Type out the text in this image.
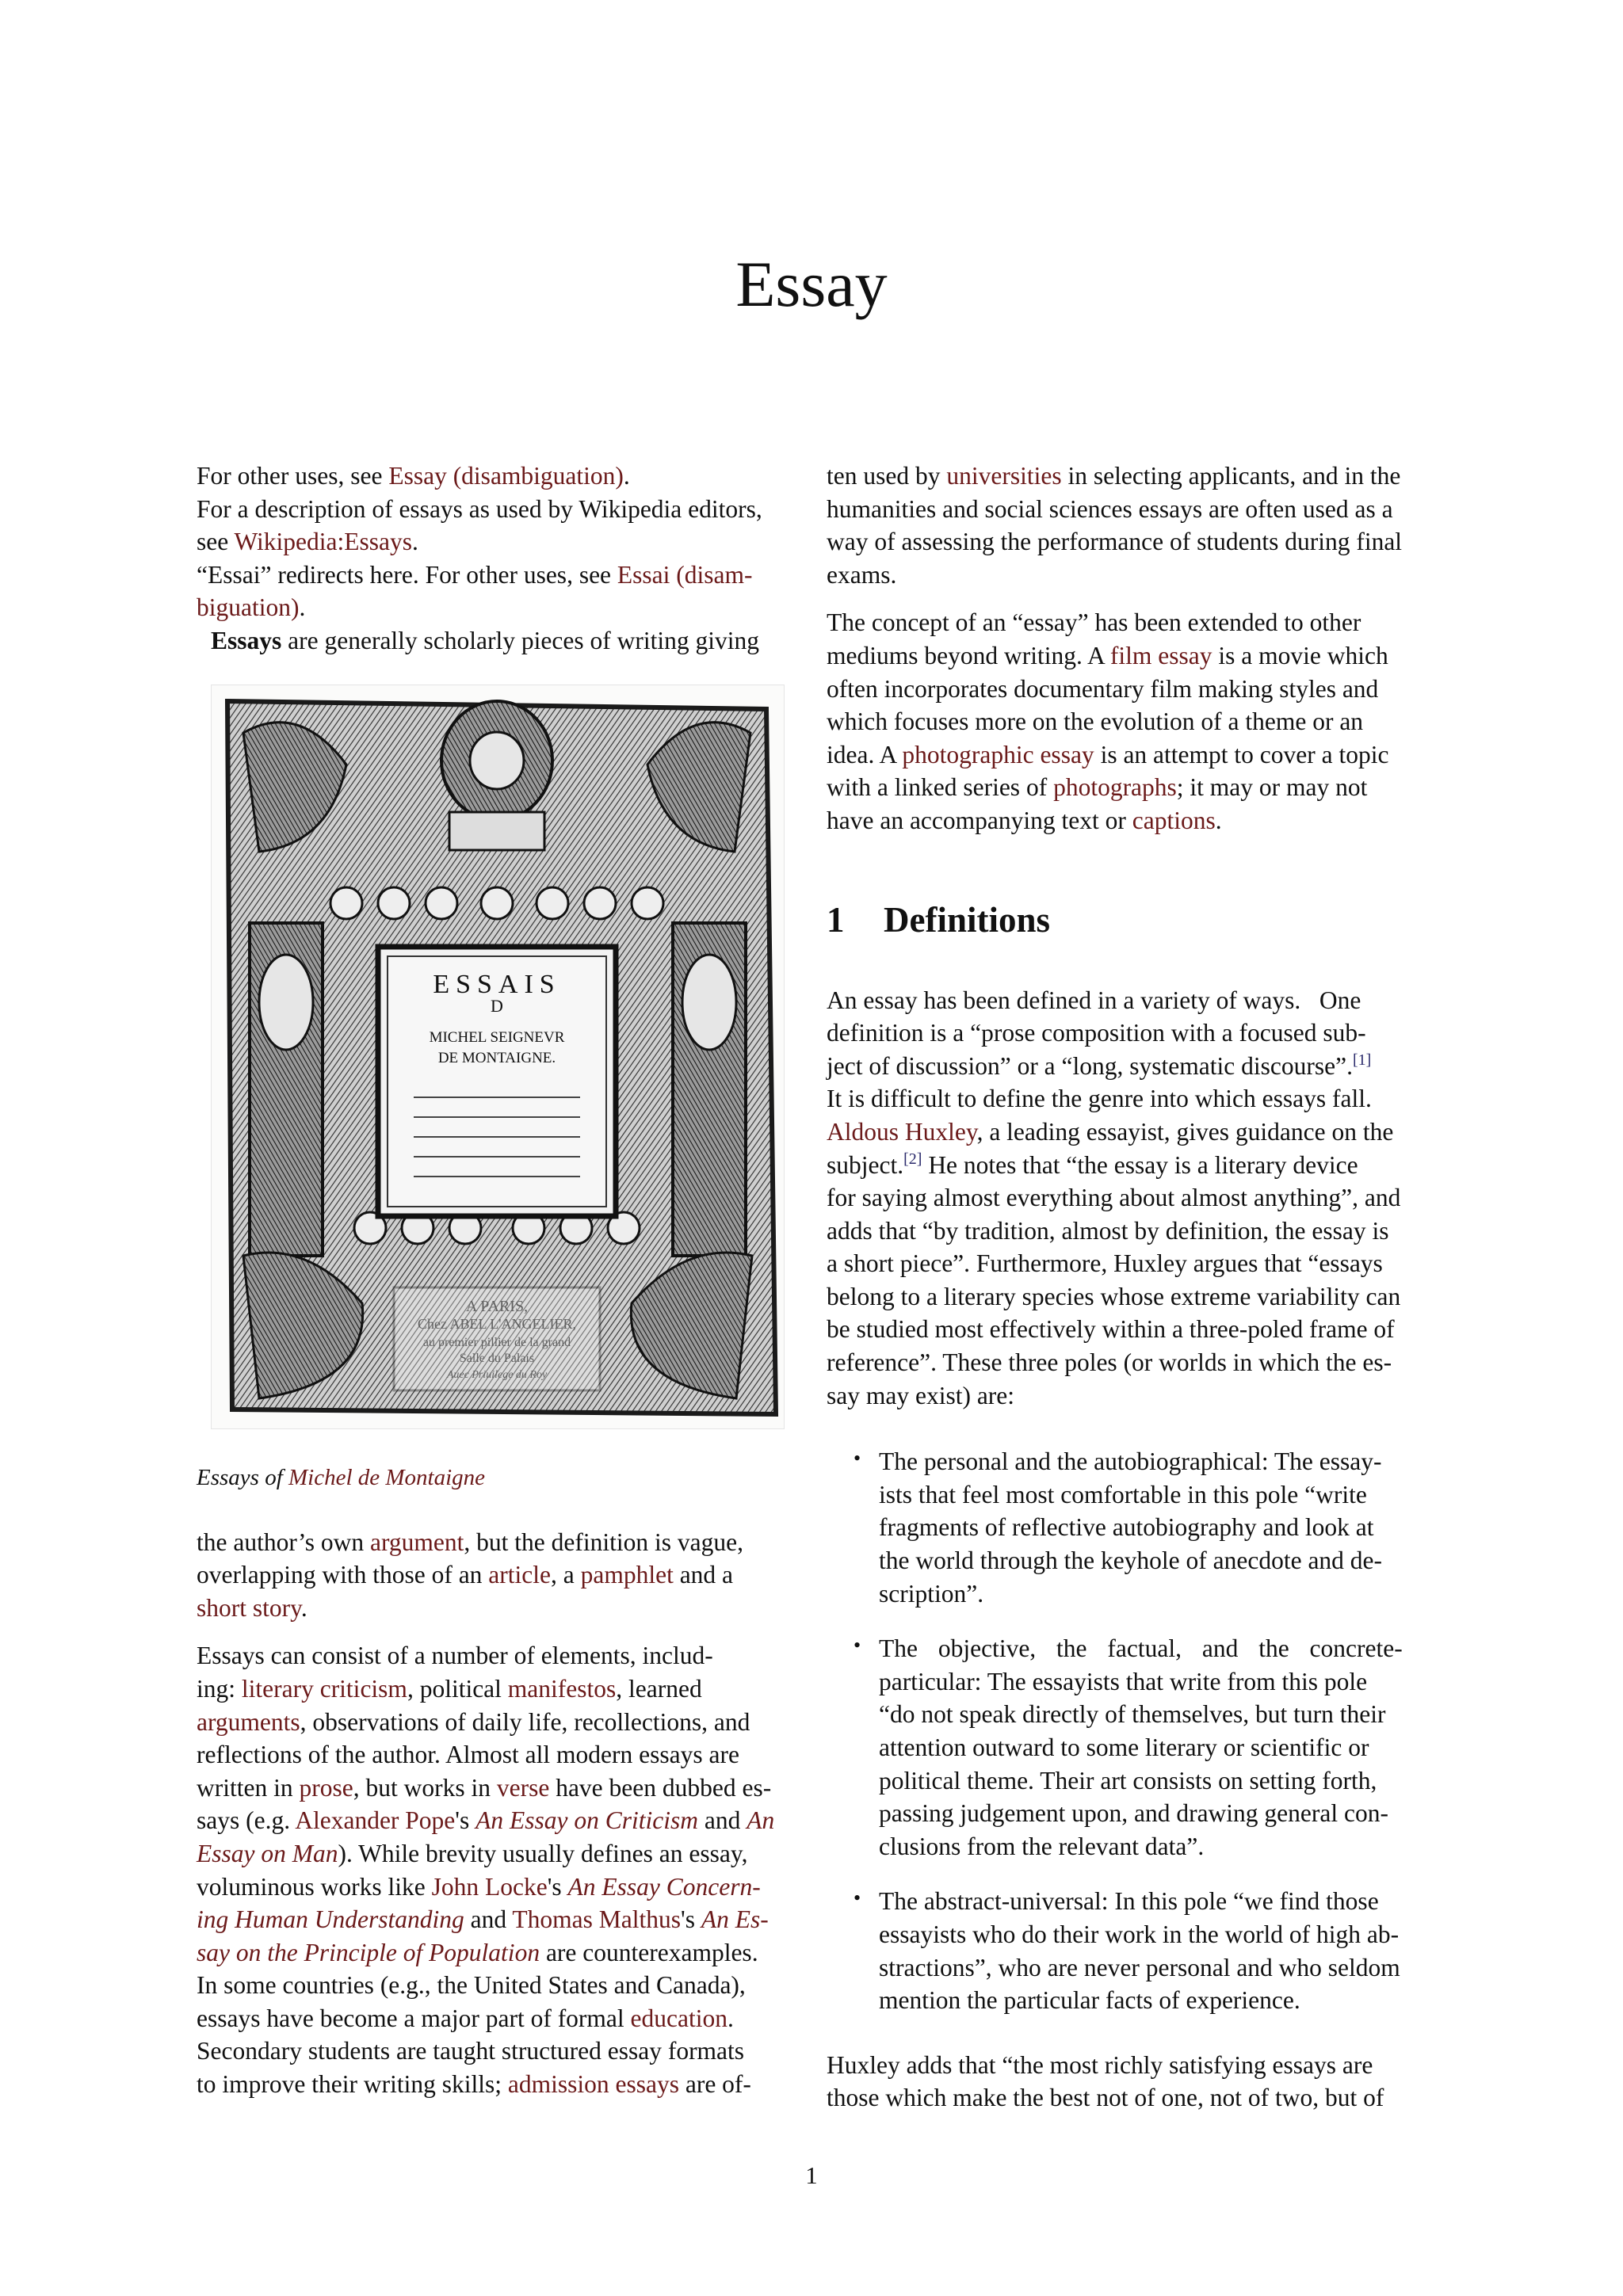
Essay
For other uses, see Essay (disambiguation).
For a description of essays as used by Wikipedia editors,
see Wikipedia:Essays.
“Essai” redirects here. For other uses, see Essai (disam-
biguation).
Essays are generally scholarly pieces of writing giving
ESSAIS
D
MICHEL SEIGNEVR
DE MONTAIGNE.
A PARIS,
Chez ABEL L'ANGELIER,
au premier pillier de la grand
Salle du Palais
Auec Priuilege du Roy
Essays of Michel de Montaigne
the author’s own argument, but the definition is vague,
overlapping with those of an article, a pamphlet and a
short story.
Essays can consist of a number of elements, includ-
ing: literary criticism, political manifestos, learned
arguments, observations of daily life, recollections, and
reflections of the author. Almost all modern essays are
written in prose, but works in verse have been dubbed es-
says (e.g. Alexander Pope's An Essay on Criticism and An
Essay on Man). While brevity usually defines an essay,
voluminous works like John Locke's An Essay Concern-
ing Human Understanding and Thomas Malthus's An Es-
say on the Principle of Population are counterexamples.
In some countries (e.g., the United States and Canada),
essays have become a major part of formal education.
Secondary students are taught structured essay formats
to improve their writing skills; admission essays are of-
ten used by universities in selecting applicants, and in the
humanities and social sciences essays are often used as a
way of assessing the performance of students during final
exams.
The concept of an “essay” has been extended to other
mediums beyond writing. A film essay is a movie which
often incorporates documentary film making styles and
which focuses more on the evolution of a theme or an
idea. A photographic essay is an attempt to cover a topic
with a linked series of photographs; it may or may not
have an accompanying text or captions.
1 Definitions
An essay has been defined in a variety of ways.   One
definition is a “prose composition with a focused sub-
ject of discussion” or a “long, systematic discourse”.[1]
It is difficult to define the genre into which essays fall.
Aldous Huxley, a leading essayist, gives guidance on the
subject.[2] He notes that “the essay is a literary device
for saying almost everything about almost anything”, and
adds that “by tradition, almost by definition, the essay is
a short piece”. Furthermore, Huxley argues that “essays
belong to a literary species whose extreme variability can
be studied most effectively within a three-poled frame of
reference”. These three poles (or worlds in which the es-
say may exist) are:
• The personal and the autobiographical: The essay-
ists that feel most comfortable in this pole “write
fragments of reflective autobiography and look at
the world through the keyhole of anecdote and de-
scription”.
• The objective, the factual, and the concrete-
particular: The essayists that write from this pole
“do not speak directly of themselves, but turn their
attention outward to some literary or scientific or
political theme. Their art consists on setting forth,
passing judgement upon, and drawing general con-
clusions from the relevant data”.
• The abstract-universal: In this pole “we find those
essayists who do their work in the world of high ab-
stractions”, who are never personal and who seldom
mention the particular facts of experience.
Huxley adds that “the most richly satisfying essays are
those which make the best not of one, not of two, but of
1
